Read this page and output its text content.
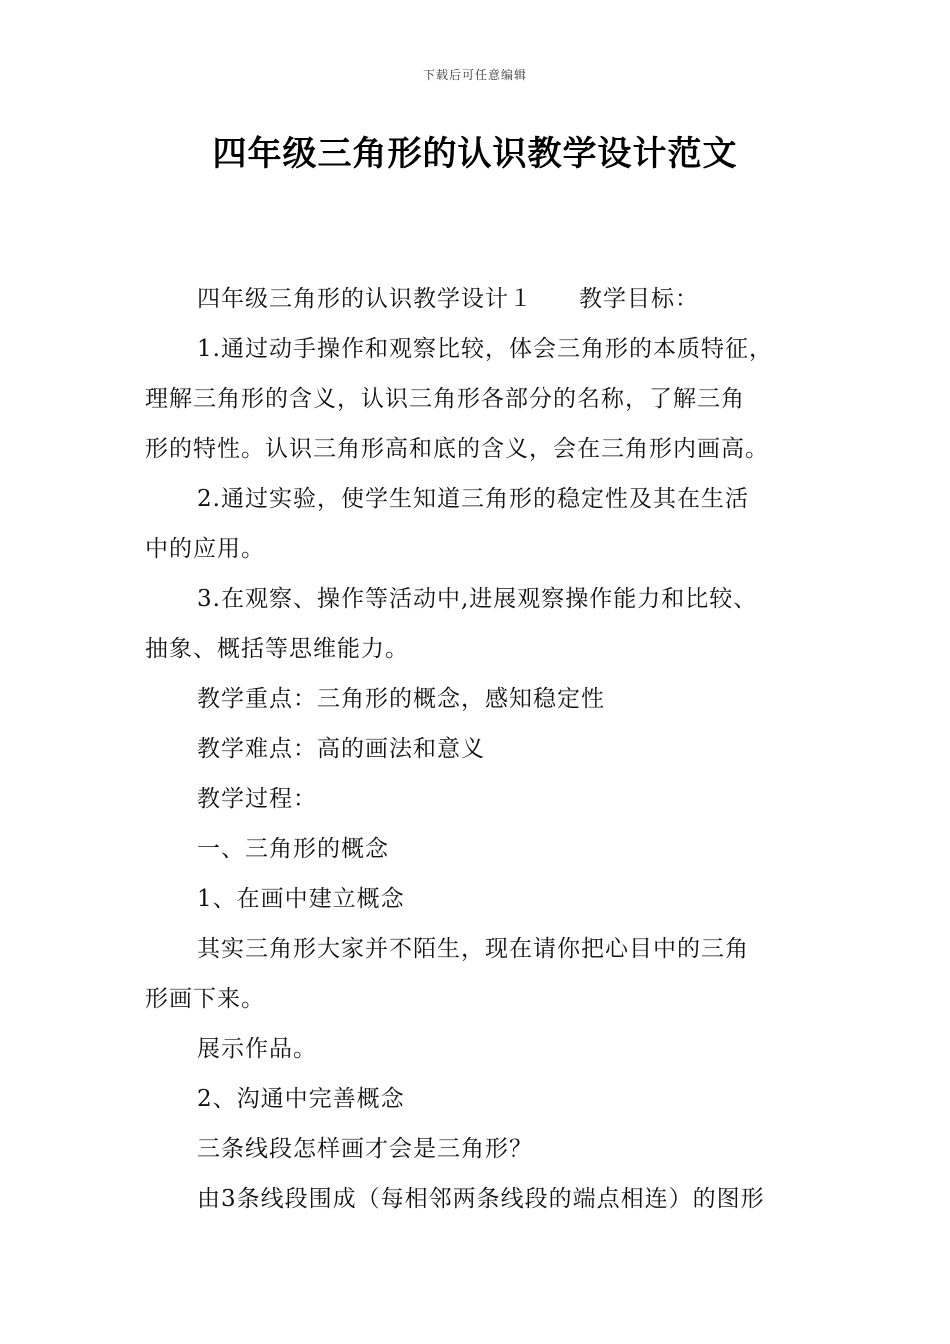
下载后可任意编辑
四年级三角形的认识教学设计范文

四年级三角形的认识教学设计１ 教学目标：

1.通过动手操作和观察比较，体会三角形的本质特征，

理解三角形的含义，认识三角形各部分的名称，了解三角

形的特性。认识三角形高和底的含义，会在三角形内画高。

2.通过实验，使学生知道三角形的稳定性及其在生活

中的应用。

3.在观察、操作等活动中,进展观察操作能力和比较、

抽象、概括等思维能力。

教学重点：三角形的概念，感知稳定性

教学难点：高的画法和意义

教学过程：

一、三角形的概念

1、在画中建立概念

其实三角形大家并不陌生，现在请你把心目中的三角

形画下来。

展示作品。

2、沟通中完善概念

三条线段怎样画才会是三角形？

由3条线段围成（每相邻两条线段的端点相连）的图形
